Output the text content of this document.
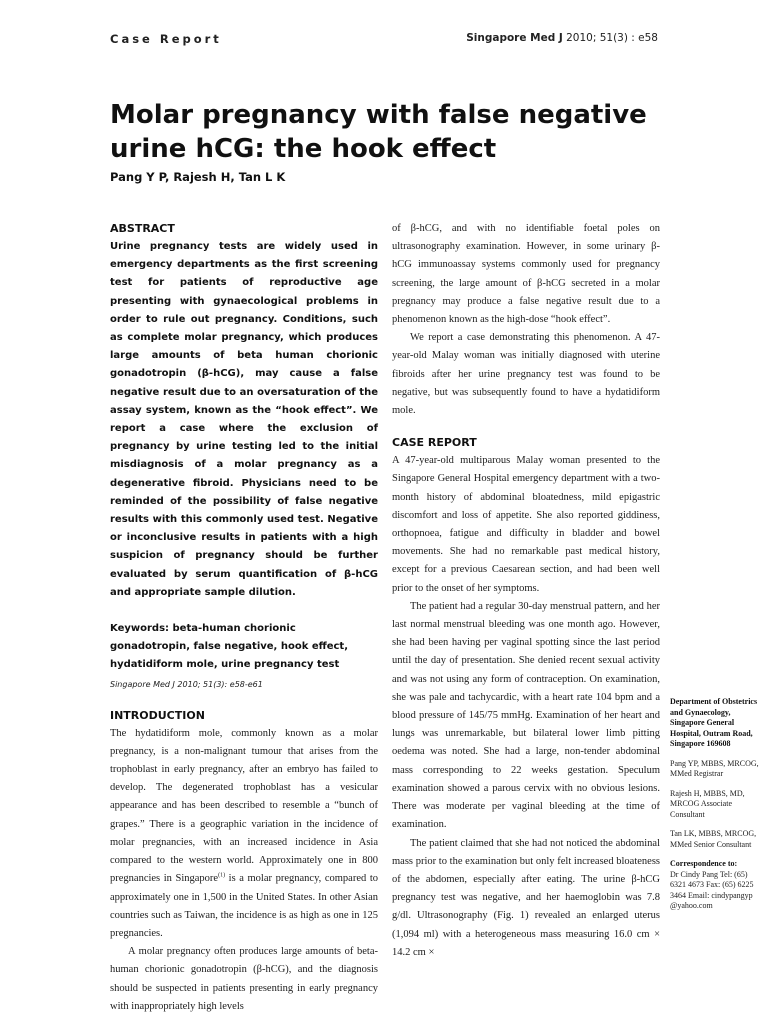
Case Report	Singapore Med J 2010; 51(3) : e58
Molar pregnancy with false negative urine hCG: the hook effect
Pang Y P, Rajesh H, Tan L K

ABSTRACT

Urine pregnancy tests are widely used in emergency departments as the first screening test for patients of reproductive age presenting with gynaecological problems in order to rule out pregnancy. Conditions, such as complete molar pregnancy, which produces large amounts of beta human chorionic gonadotropin (β-hCG), may cause a false negative result due to an oversaturation of the assay system, known as the “hook effect”. We report a case where the exclusion of pregnancy by urine testing led to the initial misdiagnosis of a molar pregnancy as a degenerative fibroid. Physicians need to be reminded of the possibility of false negative results with this commonly used test. Negative or inconclusive results in patients with a high suspicion of pregnancy should be further evaluated by serum quantification of β-hCG and appropriate sample dilution.

Keywords: beta-human chorionic gonadotropin, false negative, hook effect, hydatidiform mole, urine pregnancy test

Singapore Med J 2010; 51(3): e58-e61

INTRODUCTION

The hydatidiform mole, commonly known as a molar pregnancy, is a non-malignant tumour that arises from the trophoblast in early pregnancy, after an embryo has failed to develop. The degenerated trophoblast has a vesicular appearance and has been described to resemble a “bunch of grapes.” There is a geographic variation in the incidence of molar pregnancies, with an increased incidence in Asia compared to the western world. Approximately one in 800 pregnancies in Singapore$^{(1)}$ is a molar pregnancy, compared to approximately one in 1,500 in the United States. In other Asian countries such as Taiwan, the incidence is as high as one in 125 pregnancies.

A molar pregnancy often produces large amounts of beta-human chorionic gonadotropin (β-hCG), and the diagnosis should be suspected in patients presenting in early pregnancy with inappropriately high levels

of β-hCG, and with no identifiable foetal poles on ultrasonography examination. However, in some urinary β-hCG immunoassay systems commonly used for pregnancy screening, the large amount of β-hCG secreted in a molar pregnancy may produce a false negative result due to a phenomenon known as the high-dose “hook effect”.

We report a case demonstrating this phenomenon. A 47-year-old Malay woman was initially diagnosed with uterine fibroids after her urine pregnancy test was found to be negative, but was subsequently found to have a hydatidiform mole.

CASE REPORT

A 47-year-old multiparous Malay woman presented to the Singapore General Hospital emergency department with a two-month history of abdominal bloatedness, mild epigastric discomfort and loss of appetite. She also reported giddiness, orthopnoea, fatigue and difficulty in bladder and bowel movements. She had no remarkable past medical history, except for a previous Caesarean section, and had been well prior to the onset of her symptoms.

The patient had a regular 30-day menstrual pattern, and her last normal menstrual bleeding was one month ago. However, she had been having per vaginal spotting since the last period until the day of presentation. She denied recent sexual activity and was not using any form of contraception. On examination, she was pale and tachycardic, with a heart rate 104 bpm and a blood pressure of 145/75 mmHg. Examination of her heart and lungs was unremarkable, but bilateral lower limb pitting oedema was noted. She had a large, non-tender abdominal mass corresponding to 22 weeks gestation. Speculum examination showed a parous cervix with no obvious lesions. There was moderate per vaginal bleeding at the time of examination.

The patient claimed that she had not noticed the abdominal mass prior to the examination but only felt increased bloateness of the abdomen, especially after eating. The urine β-hCG pregnancy test was negative, and her haemoglobin was 7.8 g/dl. Ultrasonography (Fig. 1) revealed an enlarged uterus (1,094 ml) with a heterogeneous mass measuring 16.0 cm × 14.2 cm ×

Department of Obstetrics and Gynaecology, Singapore General Hospital, Outram Road, Singapore 169608

Pang YP, MBBS, MRCOG, MMed Registrar

Rajesh H, MBBS, MD, MRCOG Associate Consultant

Tan LK, MBBS, MRCOG, MMed Senior Consultant

Correspondence to:

Dr Cindy Pang Tel: (65) 6321 4673 Fax: (65) 6225 3464 Email: cindypangyp @yahoo.com
